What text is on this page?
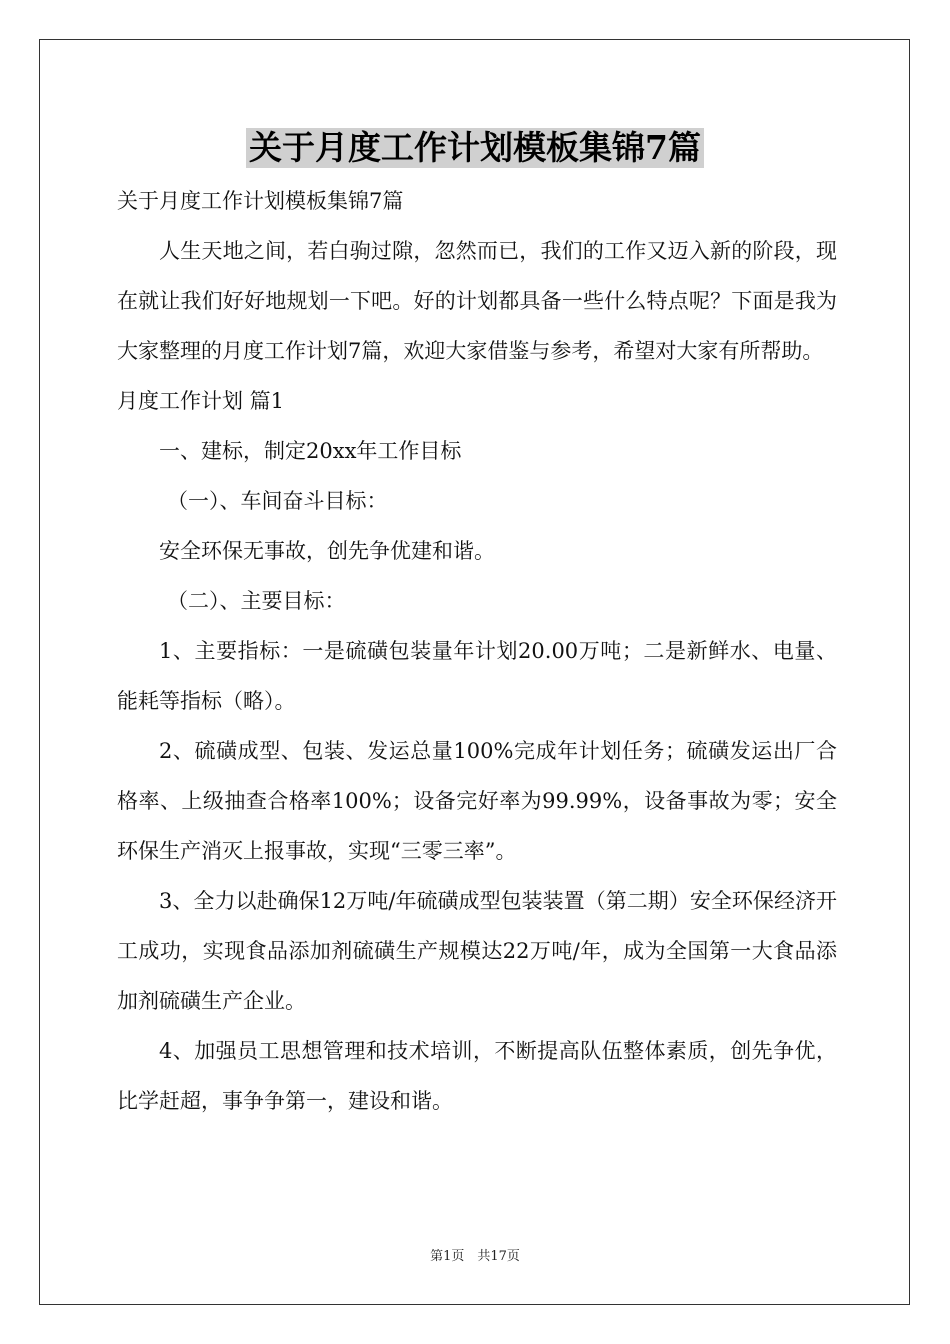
关于月度工作计划模板集锦7篇

关于月度工作计划模板集锦7篇

人生天地之间，若白驹过隙，忽然而已，我们的工作又迈入新的阶段，现在就让我们好好地规划一下吧。好的计划都具备一些什么特点呢？下面是我为大家整理的月度工作计划7篇，欢迎大家借鉴与参考，希望对大家有所帮助。

月度工作计划 篇1

一、建标，制定20xx年工作目标

（一）、车间奋斗目标：

安全环保无事故，创先争优建和谐。

（二）、主要目标：

1、主要指标：一是硫磺包装量年计划20.00万吨；二是新鲜水、电量、能耗等指标（略）。

2、硫磺成型、包装、发运总量100%完成年计划任务；硫磺发运出厂合格率、上级抽查合格率100%；设备完好率为99.99%，设备事故为零；安全环保生产消灭上报事故，实现“三零三率”。

3、全力以赴确保12万吨/年硫磺成型包装装置（第二期）安全环保经济开工成功，实现食品添加剂硫磺生产规模达22万吨/年，成为全国第一大食品添加剂硫磺生产企业。

4、加强员工思想管理和技术培训，不断提高队伍整体素质，创先争优，比学赶超，事争争第一，建设和谐。

第1页　共17页
